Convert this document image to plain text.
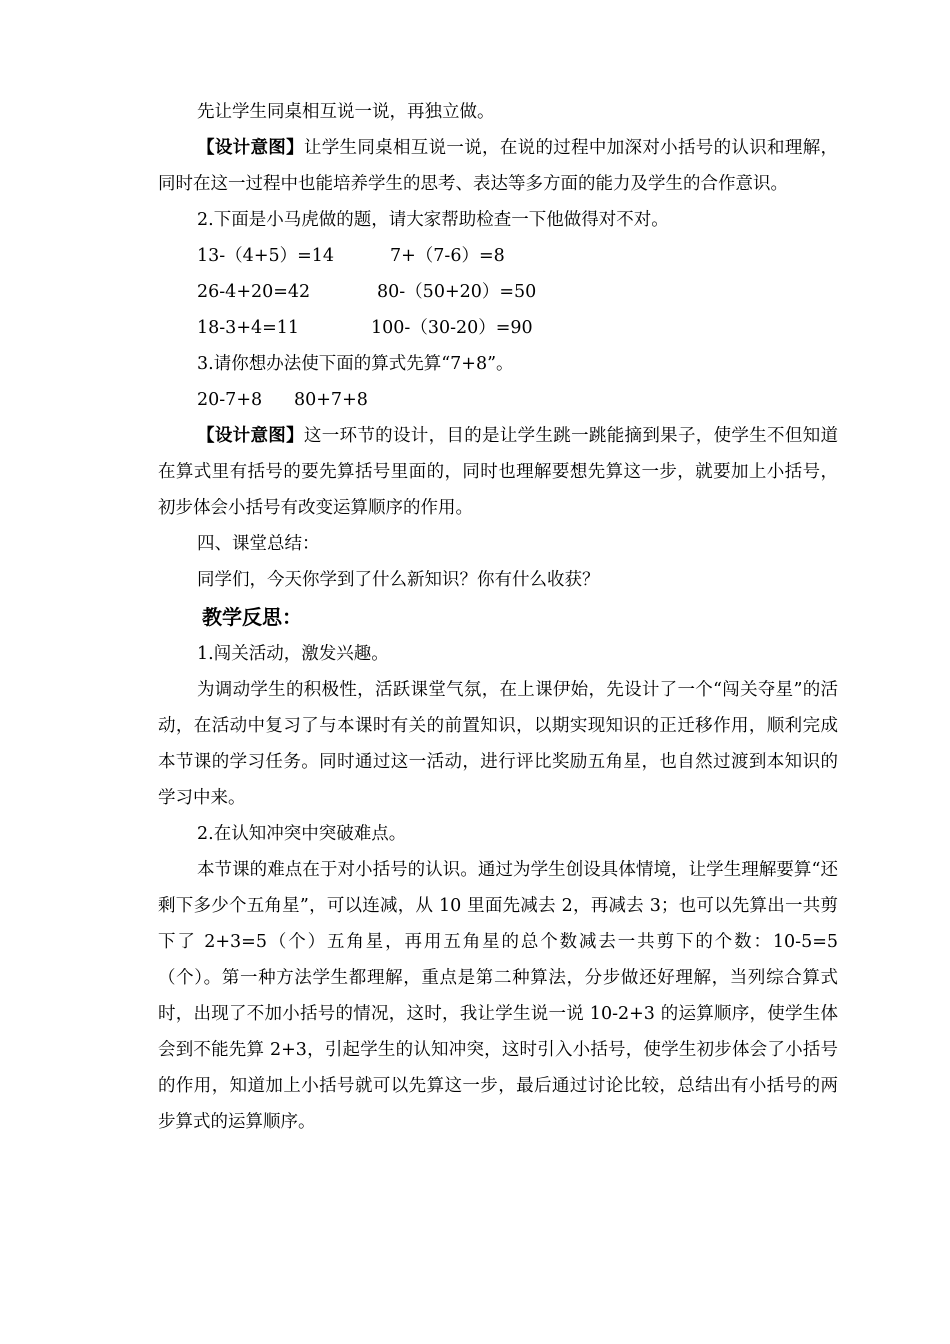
先让学生同桌相互说一说，再独立做。

【设计意图】让学生同桌相互说一说，在说的过程中加深对小括号的认识和理解，同时在这一过程中也能培养学生的思考、表达等多方面的能力及学生的合作意识。

2.下面是小马虎做的题，请大家帮助检查一下他做得对不对。

13-（4+5）=14	7+（7-6）=8
26-4+20=42	80-（50+20）=50
18-3+4=11	100-（30-20）=90

3.请你想办法使下面的算式先算“7+8”。

20-7+8 80+7+8

【设计意图】这一环节的设计，目的是让学生跳一跳能摘到果子，使学生不但知道在算式里有括号的要先算括号里面的，同时也理解要想先算这一步，就要加上小括号，初步体会小括号有改变运算顺序的作用。

四、课堂总结：

同学们，今天你学到了什么新知识？你有什么收获？

教学反思：

1.闯关活动，激发兴趣。

为调动学生的积极性，活跃课堂气氛，在上课伊始，先设计了一个“闯关夺星”的活动，在活动中复习了与本课时有关的前置知识，以期实现知识的正迁移作用，顺利完成本节课的学习任务。同时通过这一活动，进行评比奖励五角星，也自然过渡到本知识的学习中来。

2.在认知冲突中突破难点。

本节课的难点在于对小括号的认识。通过为学生创设具体情境，让学生理解要算“还剩下多少个五角星”，可以连减，从 10 里面先减去 2，再减去 3；也可以先算出一共剪下了 2+3=5（个）五角星，再用五角星的总个数减去一共剪下的个数：10-5=5（个）。第一种方法学生都理解，重点是第二种算法，分步做还好理解，当列综合算式时，出现了不加小括号的情况，这时，我让学生说一说 10-2+3 的运算顺序，使学生体会到不能先算 2+3，引起学生的认知冲突，这时引入小括号，使学生初步体会了小括号的作用，知道加上小括号就可以先算这一步，最后通过讨论比较，总结出有小括号的两步算式的运算顺序。
